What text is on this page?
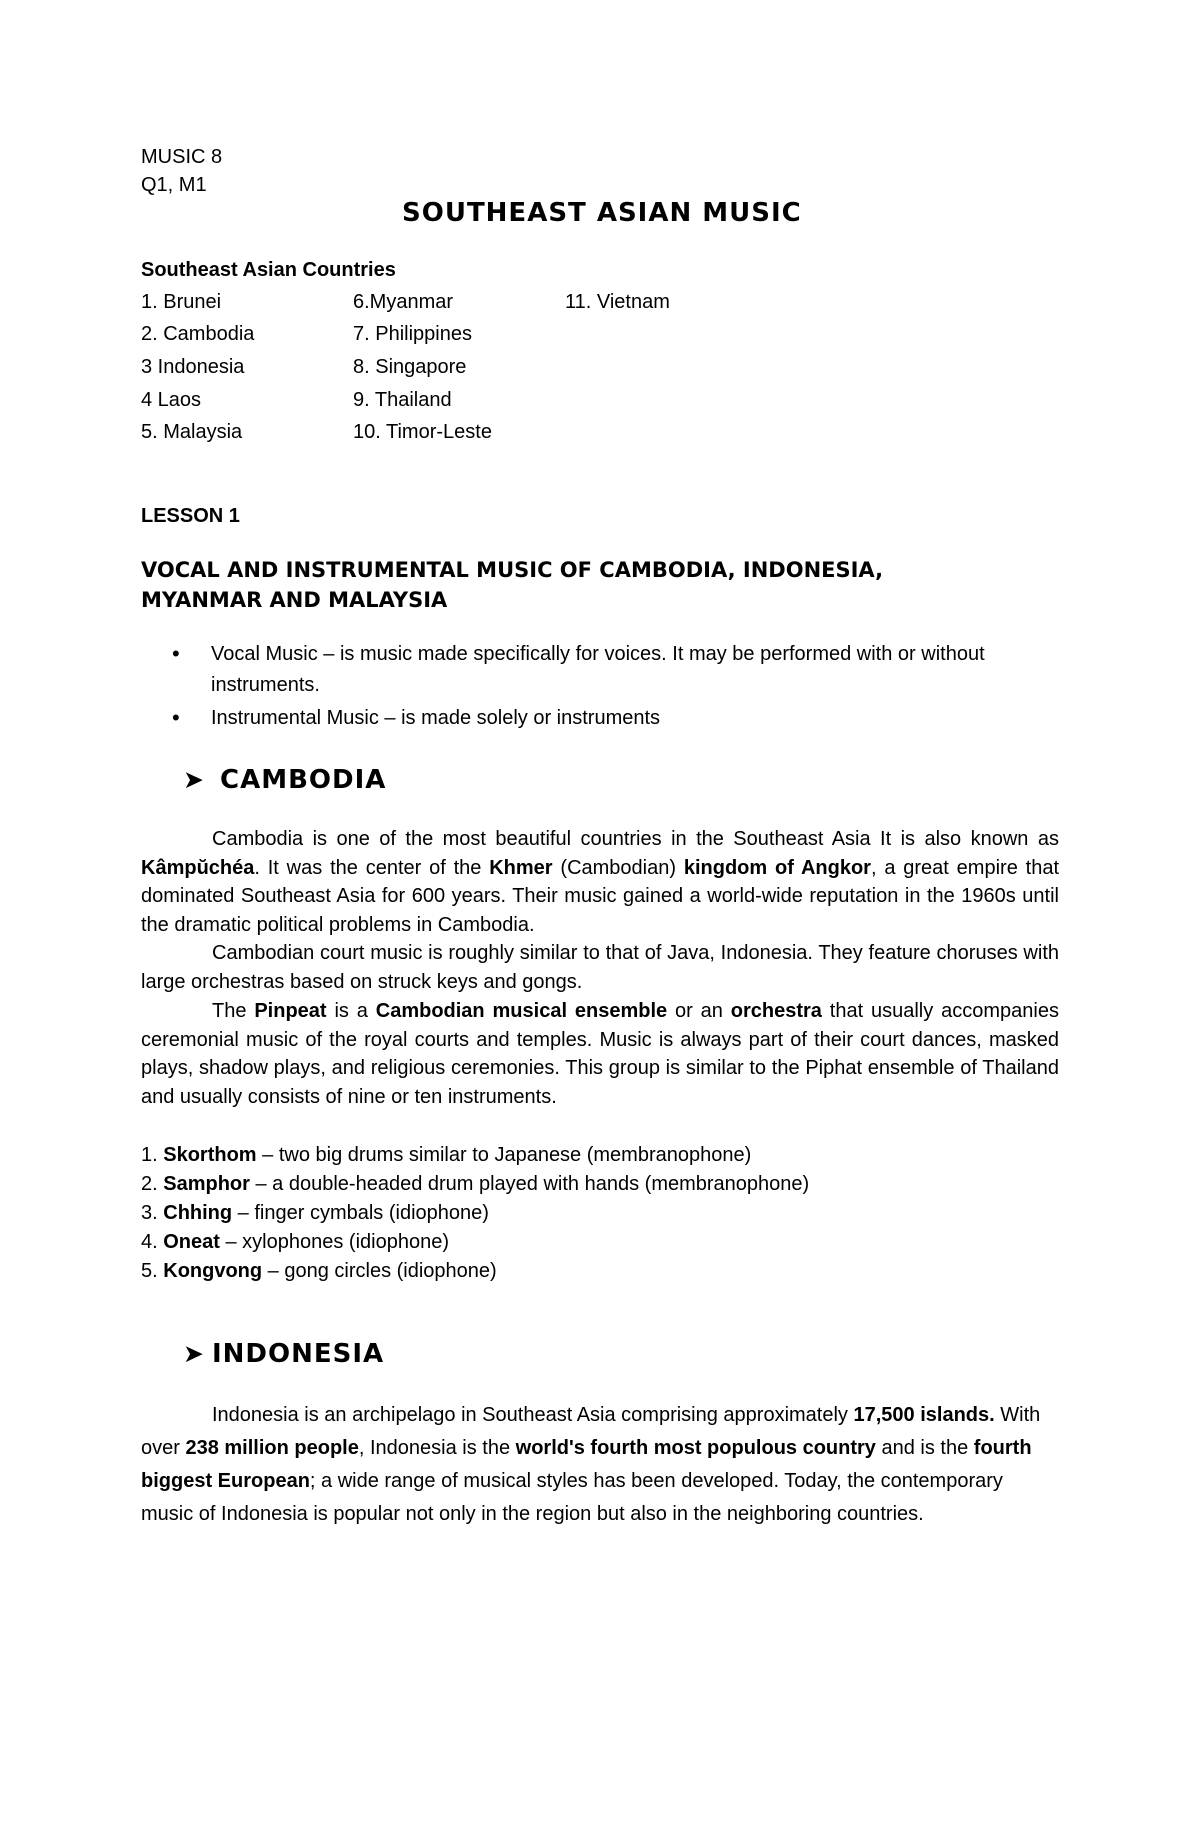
MUSIC 8
Q1, M1
SOUTHEAST ASIAN MUSIC
Southeast Asian Countries
1. Brunei
2. Cambodia
3 Indonesia
4 Laos
5. Malaysia
6.Myanmar
7. Philippines
8. Singapore
9. Thailand
10. Timor-Leste
11. Vietnam
LESSON 1
VOCAL AND INSTRUMENTAL MUSIC OF CAMBODIA, INDONESIA,
MYANMAR AND MALAYSIA
• Vocal Music – is music made specifically for voices. It may be performed with or without instruments.
• Instrumental Music – is made solely or instruments
➤ CAMBODIA
Cambodia is one of the most beautiful countries in the Southeast Asia It is also known as Kâmpŭchéa. It was the center of the Khmer (Cambodian) kingdom of Angkor, a great empire that dominated Southeast Asia for 600 years. Their music gained a world-wide reputation in the 1960s until the dramatic political problems in Cambodia.
Cambodian court music is roughly similar to that of Java, Indonesia. They feature choruses with large orchestras based on struck keys and gongs.
The Pinpeat is a Cambodian musical ensemble or an orchestra that usually accompanies ceremonial music of the royal courts and temples. Music is always part of their court dances, masked plays, shadow plays, and religious ceremonies. This group is similar to the Piphat ensemble of Thailand and usually consists of nine or ten instruments.
1. Skorthom – two big drums similar to Japanese (membranophone)
2. Samphor – a double-headed drum played with hands (membranophone)
3. Chhing – finger cymbals (idiophone)
4. Oneat – xylophones (idiophone)
5. Kongvong – gong circles (idiophone)
➤ INDONESIA
Indonesia is an archipelago in Southeast Asia comprising approximately 17,500 islands. With over 238 million people, Indonesia is the world's fourth most populous country and is the fourth biggest European; a wide range of musical styles has been developed. Today, the contemporary music of Indonesia is popular not only in the region but also in the neighboring countries.
